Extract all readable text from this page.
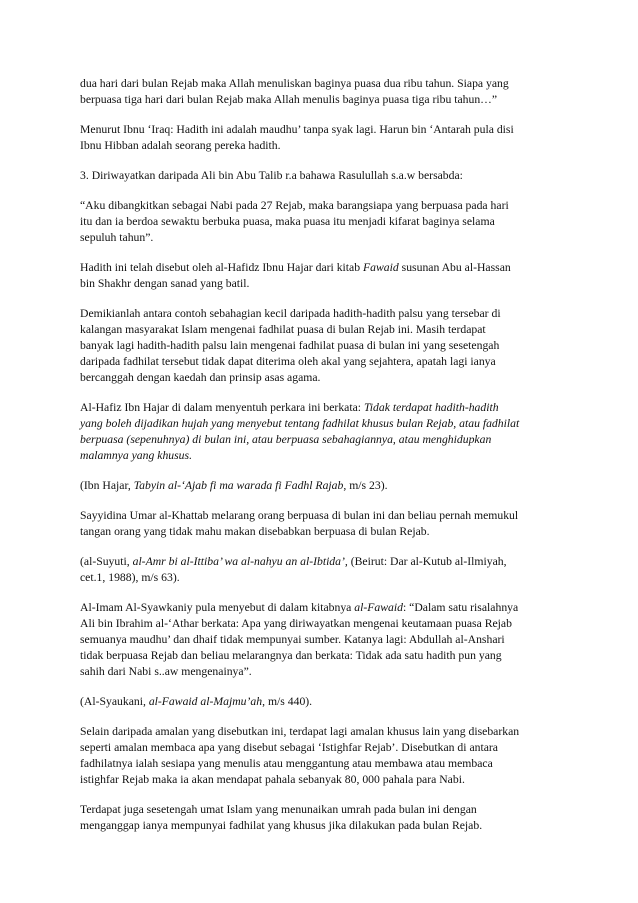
dua hari dari bulan Rejab maka Allah menuliskan baginya puasa dua ribu tahun. Siapa yang
berpuasa tiga hari dari bulan Rejab maka Allah menulis baginya puasa tiga ribu tahun…”

Menurut Ibnu ‘Iraq: Hadith ini adalah maudhu’ tanpa syak lagi. Harun bin ‘Antarah pula disi
Ibnu Hibban adalah seorang pereka hadith.

3. Diriwayatkan daripada Ali bin Abu Talib r.a bahawa Rasulullah s.a.w bersabda:

“Aku dibangkitkan sebagai Nabi pada 27 Rejab, maka barangsiapa yang berpuasa pada hari
itu dan ia berdoa sewaktu berbuka puasa, maka puasa itu menjadi kifarat baginya selama
sepuluh tahun”.

Hadith ini telah disebut oleh al-Hafidz Ibnu Hajar dari kitab Fawaid susunan Abu al-Hassan
bin Shakhr dengan sanad yang batil.

Demikianlah antara contoh sebahagian kecil daripada hadith-hadith palsu yang tersebar di
kalangan masyarakat Islam mengenai fadhilat puasa di bulan Rejab ini. Masih terdapat
banyak lagi hadith-hadith palsu lain mengenai fadhilat puasa di bulan ini yang sesetengah
daripada fadhilat tersebut tidak dapat diterima oleh akal yang sejahtera, apatah lagi ianya
bercanggah dengan kaedah dan prinsip asas agama.

Al-Hafiz Ibn Hajar di dalam menyentuh perkara ini berkata: Tidak terdapat hadith-hadith
yang boleh dijadikan hujah yang menyebut tentang fadhilat khusus bulan Rejab, atau fadhilat
berpuasa (sepenuhnya) di bulan ini, atau berpuasa sebahagiannya, atau menghidupkan
malamnya yang khusus.

(Ibn Hajar, Tabyin al-‘Ajab fi ma warada fi Fadhl Rajab, m/s 23).

Sayyidina Umar al-Khattab melarang orang berpuasa di bulan ini dan beliau pernah memukul
tangan orang yang tidak mahu makan disebabkan berpuasa di bulan Rejab.

(al-Suyuti, al-Amr bi al-Ittiba’ wa al-nahyu an al-Ibtida’, (Beirut: Dar al-Kutub al-Ilmiyah,
cet.1, 1988), m/s 63).

Al-Imam Al-Syawkaniy pula menyebut di dalam kitabnya al-Fawaid: “Dalam satu risalahnya
Ali bin Ibrahim al-‘Athar berkata: Apa yang diriwayatkan mengenai keutamaan puasa Rejab
semuanya maudhu’ dan dhaif tidak mempunyai sumber. Katanya lagi: Abdullah al-Anshari
tidak berpuasa Rejab dan beliau melarangnya dan berkata: Tidak ada satu hadith pun yang
sahih dari Nabi s..aw mengenainya”.

(Al-Syaukani, al-Fawaid al-Majmu’ah, m/s 440).

Selain daripada amalan yang disebutkan ini, terdapat lagi amalan khusus lain yang disebarkan
seperti amalan membaca apa yang disebut sebagai ‘Istighfar Rejab’. Disebutkan di antara
fadhilatnya ialah sesiapa yang menulis atau menggantung atau membawa atau membaca
istighfar Rejab maka ia akan mendapat pahala sebanyak 80, 000 pahala para Nabi.

Terdapat juga sesetengah umat Islam yang menunaikan umrah pada bulan ini dengan
menganggap ianya mempunyai fadhilat yang khusus jika dilakukan pada bulan Rejab.
